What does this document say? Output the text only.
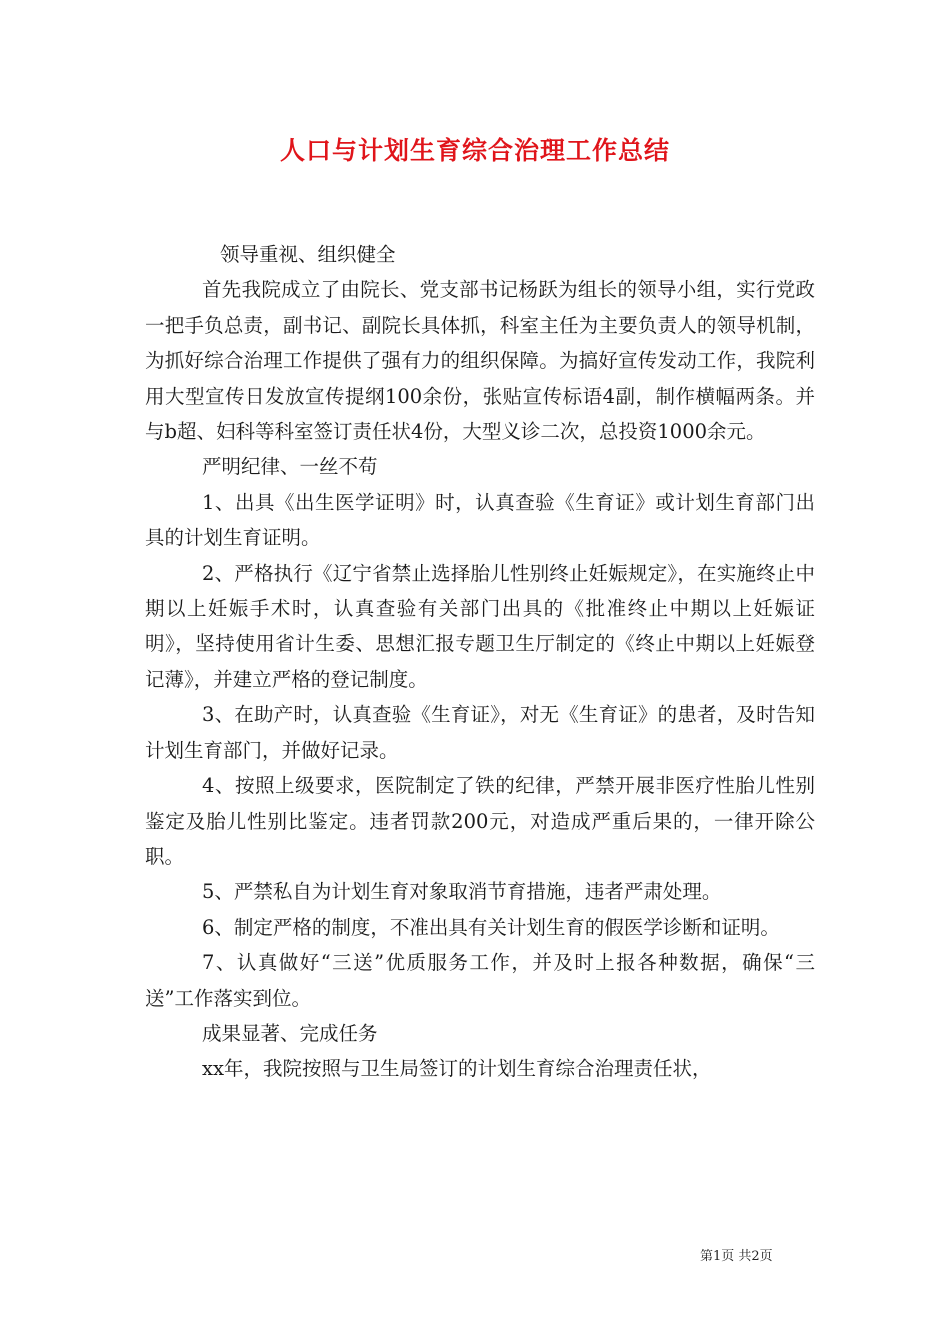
人口与计划生育综合治理工作总结

领导重视、组织健全

首先我院成立了由院长、党支部书记杨跃为组长的领导小组，实行党政一把手负总责，副书记、副院长具体抓，科室主任为主要负责人的领导机制，为抓好综合治理工作提供了强有力的组织保障。为搞好宣传发动工作，我院利用大型宣传日发放宣传提纲100余份，张贴宣传标语4副，制作横幅两条。并与b超、妇科等科室签订责任状4份，大型义诊二次，总投资1000余元。

严明纪律、一丝不苟

1、出具《出生医学证明》时，认真查验《生育证》或计划生育部门出具的计划生育证明。

2、严格执行《辽宁省禁止选择胎儿性别终止妊娠规定》，在实施终止中期以上妊娠手术时，认真查验有关部门出具的《批准终止中期以上妊娠证明》，坚持使用省计生委、思想汇报专题卫生厅制定的《终止中期以上妊娠登记薄》，并建立严格的登记制度。

3、在助产时，认真查验《生育证》，对无《生育证》的患者，及时告知计划生育部门，并做好记录。

4、按照上级要求，医院制定了铁的纪律，严禁开展非医疗性胎儿性别鉴定及胎儿性别比鉴定。违者罚款200元，对造成严重后果的，一律开除公职。

5、严禁私自为计划生育对象取消节育措施，违者严肃处理。

6、制定严格的制度，不准出具有关计划生育的假医学诊断和证明。

7、认真做好“三送”优质服务工作，并及时上报各种数据，确保“三送”工作落实到位。

成果显著、完成任务

xx年，我院按照与卫生局签订的计划生育综合治理责任状，

第1页 共2页
